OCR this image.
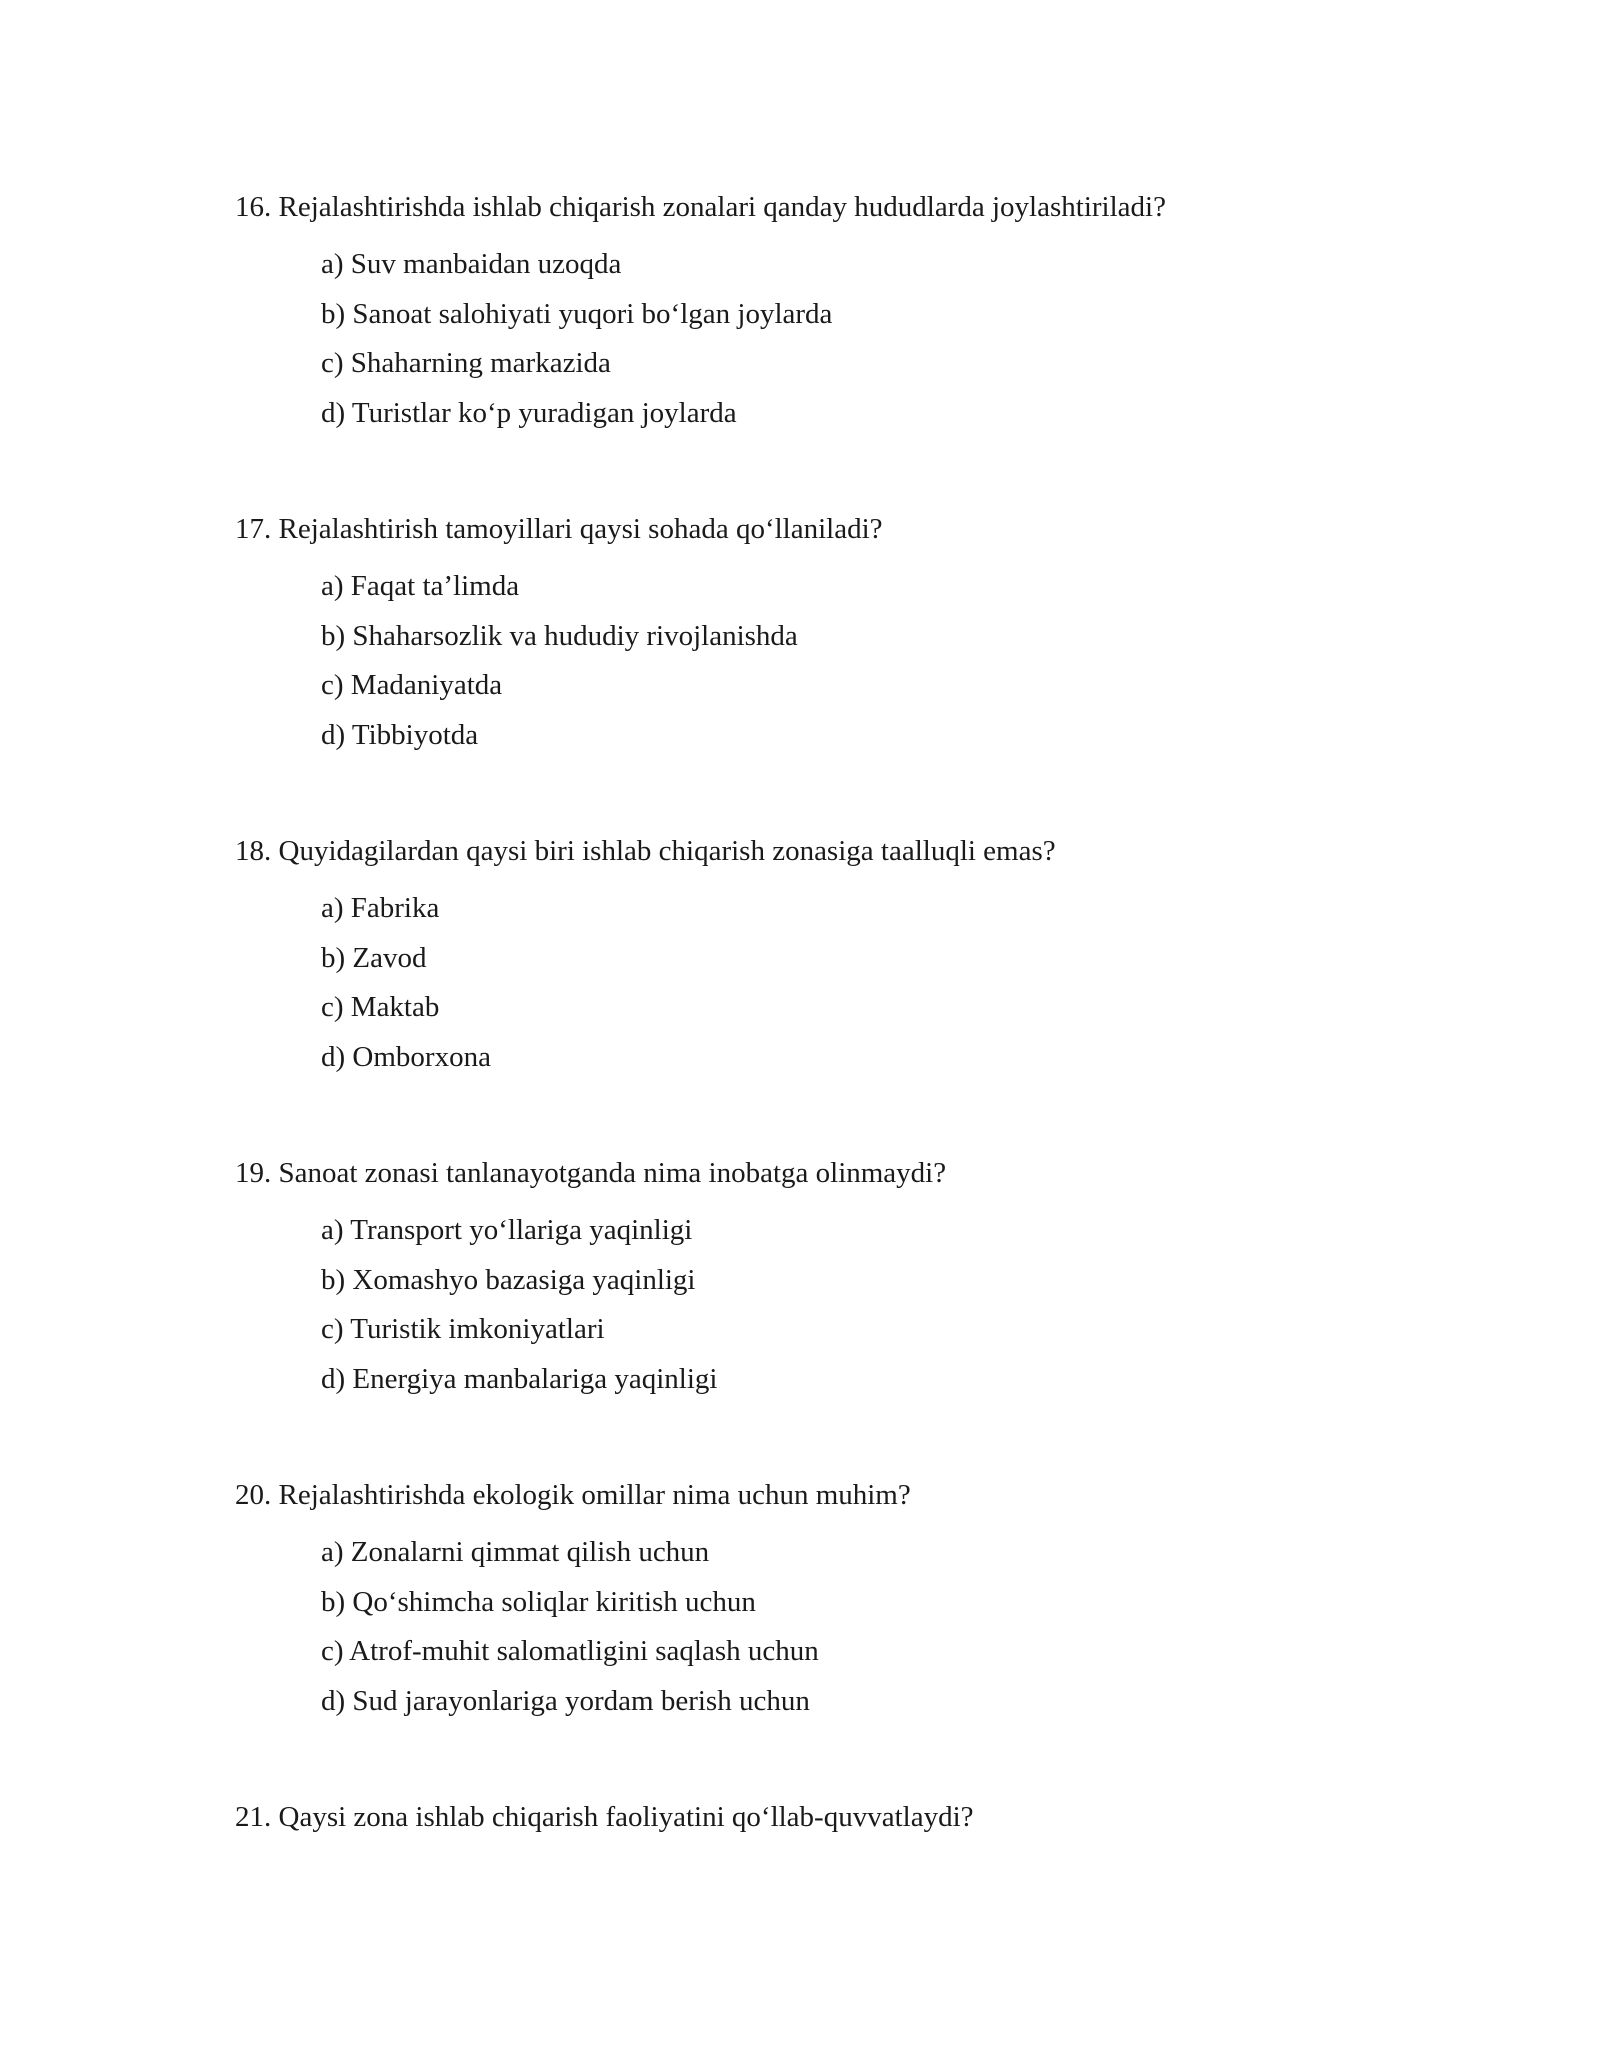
16. Rejalashtirishda ishlab chiqarish zonalari qanday hududlarda joylashtiriladi?

a) Suv manbaidan uzoqda
b) Sanoat salohiyati yuqori bo‘lgan joylarda
c) Shaharning markazida
d) Turistlar ko‘p yuradigan joylarda

17. Rejalashtirish tamoyillari qaysi sohada qo‘llaniladi?

a) Faqat ta’limda
b) Shaharsozlik va hududiy rivojlanishda
c) Madaniyatda
d) Tibbiyotda

18. Quyidagilardan qaysi biri ishlab chiqarish zonasiga taalluqli emas?

a) Fabrika
b) Zavod
c) Maktab
d) Omborxona

19. Sanoat zonasi tanlanayotganda nima inobatga olinmaydi?

a) Transport yo‘llariga yaqinligi
b) Xomashyo bazasiga yaqinligi
c) Turistik imkoniyatlari
d) Energiya manbalariga yaqinligi

20. Rejalashtirishda ekologik omillar nima uchun muhim?

a) Zonalarni qimmat qilish uchun
b) Qo‘shimcha soliqlar kiritish uchun
c) Atrof-muhit salomatligini saqlash uchun
d) Sud jarayonlariga yordam berish uchun

21. Qaysi zona ishlab chiqarish faoliyatini qo‘llab-quvvatlaydi?
